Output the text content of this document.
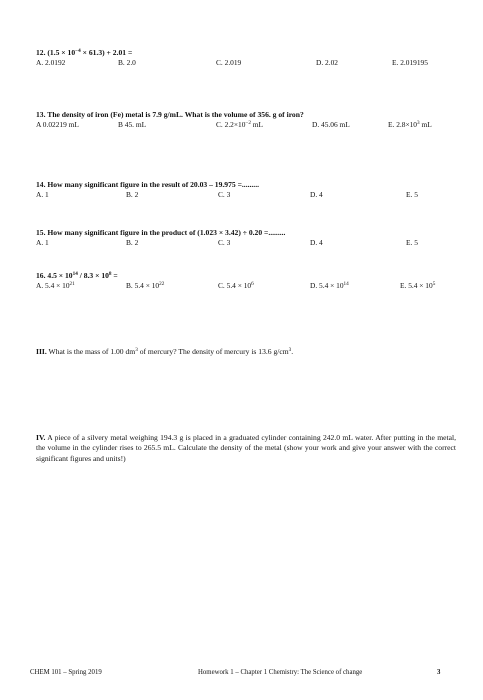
12. $(1.5 \times 10^{-4} \times 61.3) + 2.01$ =
A. 2.0192	B. 2.0	C. 2.019	D. 2.02	E. 2.019195
13. The density of iron (Fe) metal is 7.9 g/mL. What is the volume of 356. g of iron?
A 0.02219 mL	B 45. mL	C. $2.2\times 10^{-2}$ mL	D. 45.06 mL	E. $2.8\times 10^3$ mL
14. How many significant figure in the result of 20.03 – 19.975 =.........
A. 1	B. 2	C. 3	D. 4	E. 5
15. How many significant figure in the product of (1.023 × 3.42) ÷ 0.20 =.........
A. 1	B. 2	C. 3	D. 4	E. 5
16. $4.5 \times 10^{14} / 8.3 \times 10^8$ =
A. $5.4 \times 10^{21}$	B. $5.4 \times 10^{22}$	C. $5.4 \times 10^6$	D. $5.4 \times 10^{14}$	E. $5.4 \times 10^5$
III. What is the mass of 1.00 $dm^3$ of mercury? The density of mercury is 13.6 $g/cm^3$.
IV. A piece of a silvery metal weighing 194.3 g is placed in a graduated cylinder containing 242.0 mL water. After putting in the metal, the volume in the cylinder rises to 265.5 mL. Calculate the density of the metal (show your work and give your answer with the correct significant figures and units!)
CHEM 101 – Spring 2019	Homework 1 – Chapter 1 Chemistry: The Science of change	3
